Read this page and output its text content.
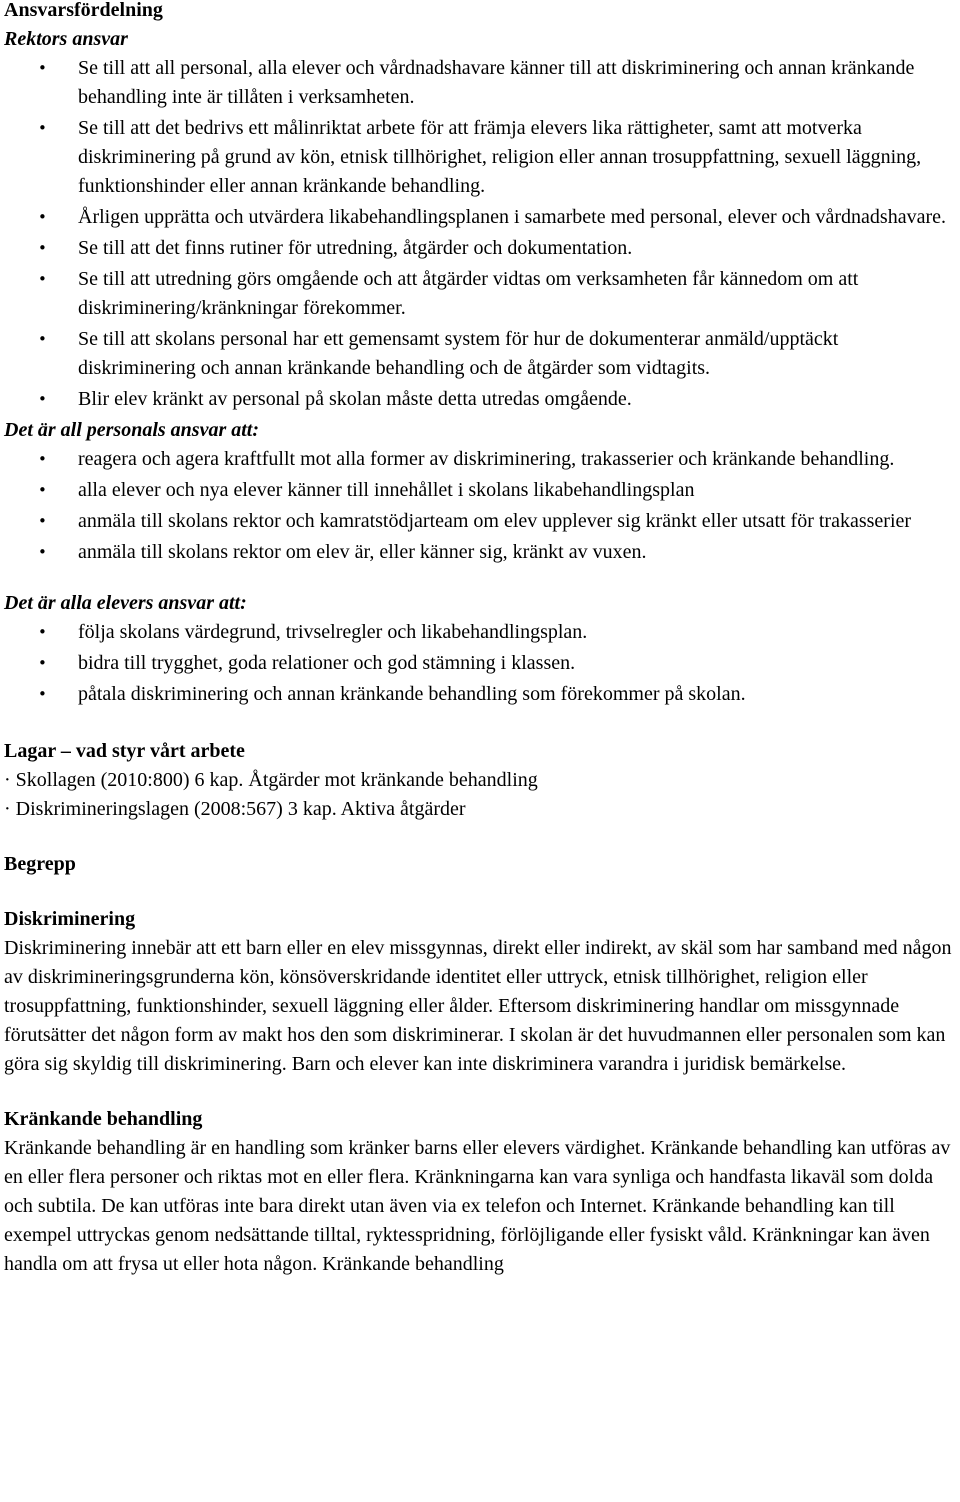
Ansvarsfördelning
Rektors ansvar
• Se till att all personal, alla elever och vårdnadshavare känner till att diskriminering och annan kränkande behandling inte är tillåten i verksamheten.
• Se till att det bedrivs ett målinriktat arbete för att främja elevers lika rättigheter, samt att motverka diskriminering på grund av kön, etnisk tillhörighet, religion eller annan trosuppfattning, sexuell läggning, funktionshinder eller annan kränkande behandling.
• Årligen upprätta och utvärdera likabehandlingsplanen i samarbete med personal, elever och vårdnadshavare.
• Se till att det finns rutiner för utredning, åtgärder och dokumentation.
• Se till att utredning görs omgående och att åtgärder vidtas om verksamheten får kännedom om att diskriminering/kränkningar förekommer.
• Se till att skolans personal har ett gemensamt system för hur de dokumenterar anmäld/upptäckt diskriminering och annan kränkande behandling och de åtgärder som vidtagits.
• Blir elev kränkt av personal på skolan måste detta utredas omgående.
Det är all personals ansvar att:
• reagera och agera kraftfullt mot alla former av diskriminering, trakasserier och kränkande behandling.
• alla elever och nya elever känner till innehållet i skolans likabehandlingsplan
• anmäla till skolans rektor och kamratstödjarteam om elev upplever sig kränkt eller utsatt för trakasserier
• anmäla till skolans rektor om elev är, eller känner sig, kränkt av vuxen.
Det är alla elevers ansvar att:
• följa skolans värdegrund, trivselregler och likabehandlingsplan.
• bidra till trygghet, goda relationer och god stämning i klassen.
• påtala diskriminering och annan kränkande behandling som förekommer på skolan.
Lagar – vad styr vårt arbete
· Skollagen (2010:800) 6 kap. Åtgärder mot kränkande behandling
· Diskrimineringslagen (2008:567) 3 kap. Aktiva åtgärder
Begrepp
Diskriminering

Diskriminering innebär att ett barn eller en elev missgynnas, direkt eller indirekt, av skäl som har samband med någon av diskrimineringsgrunderna kön, könsöverskridande identitet eller uttryck, etnisk tillhörighet, religion eller trosuppfattning, funktionshinder, sexuell läggning eller ålder. Eftersom diskriminering handlar om missgynnade förutsätter det någon form av makt hos den som diskriminerar. I skolan är det huvudmannen eller personalen som kan göra sig skyldig till diskriminering. Barn och elever kan inte diskriminera varandra i juridisk bemärkelse.

Kränkande behandling

Kränkande behandling är en handling som kränker barns eller elevers värdighet. Kränkande behandling kan utföras av en eller flera personer och riktas mot en eller flera. Kränkningarna kan vara synliga och handfasta likaväl som dolda och subtila. De kan utföras inte bara direkt utan även via ex telefon och Internet. Kränkande behandling kan till exempel uttryckas genom nedsättande tilltal, ryktesspridning, förlöjligande eller fysiskt våld. Kränkningar kan även handla om att frysa ut eller hota någon. Kränkande behandling
